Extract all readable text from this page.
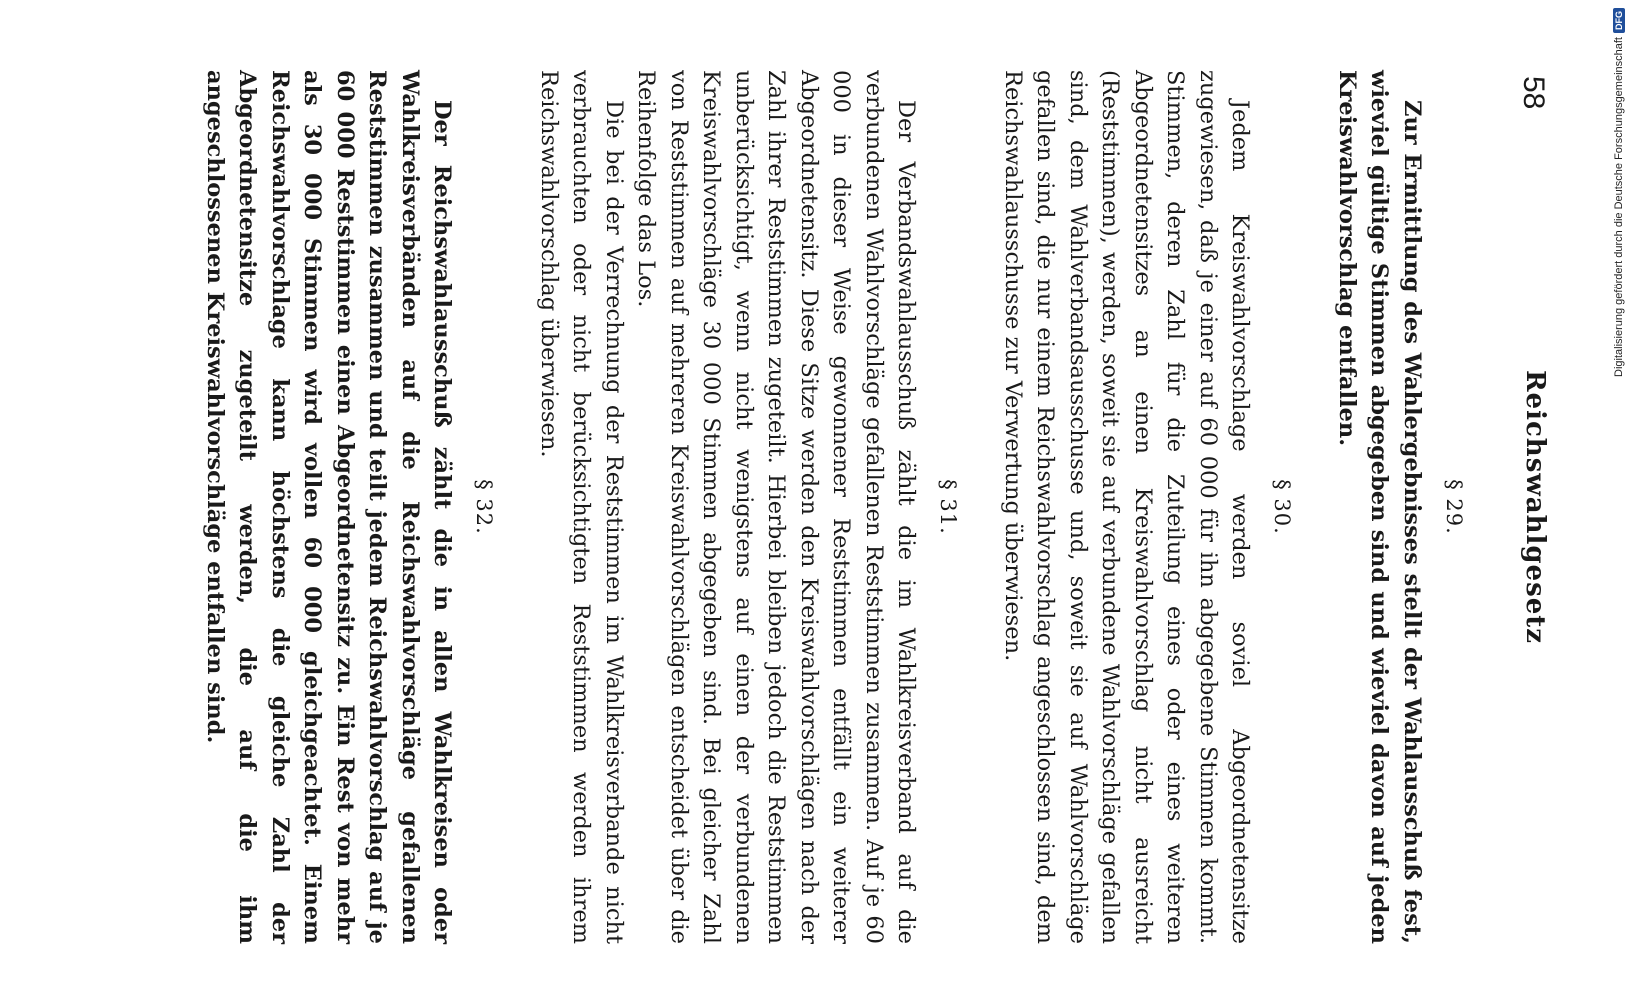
58
Reichswahlgesetz
§ 29.

Zur Ermittlung des Wahlergebnisses stellt der Wahlausschuß fest, wieviel gültige Stimmen abgegeben sind und wieviel davon auf jeden Kreiswahlvorschlag entfallen.

§ 30.

Jedem Kreiswahlvorschlage werden soviel Abgeordnetensitze zugewiesen, daß je einer auf 60 000 für ihn abgegebene Stimmen kommt. Stimmen, deren Zahl für die Zuteilung eines oder eines weiteren Abgeordnetensitzes an einen Kreiswahlvorschlag nicht ausreicht (Reststimmen), werden, soweit sie auf verbundene Wahlvorschläge gefallen sind, dem Wahlverbandsausschusse und, soweit sie auf Wahlvorschläge gefallen sind, die nur einem Reichswahlvorschlag angeschlossen sind, dem Reichswahlausschusse zur Verwertung überwiesen.

§ 31.

Der Verbandswahlausschuß zählt die im Wahlkreisverband auf die verbundenen Wahlvorschläge gefallenen Reststimmen zusammen. Auf je 60 000 in dieser Weise gewonnener Reststimmen entfällt ein weiterer Abgeordnetensitz. Diese Sitze werden den Kreiswahlvorschlägen nach der Zahl ihrer Reststimmen zugeteilt. Hierbei bleiben jedoch die Reststimmen unberücksichtigt, wenn nicht wenigstens auf einen der verbundenen Kreiswahlvorschläge 30 000 Stimmen abgegeben sind. Bei gleicher Zahl von Reststimmen auf mehreren Kreiswahlvorschlägen entscheidet über die Reihenfolge das Los.

Die bei der Verrechnung der Reststimmen im Wahlkreisverbande nicht verbrauchten oder nicht berücksichtigten Reststimmen werden ihrem Reichswahlvorschlag überwiesen.

§ 32.

Der Reichswahlausschuß zählt die in allen Wahlkreisen oder Wahlkreisverbänden auf die Reichswahlvorschläge gefallenen Reststimmen zusammen und teilt jedem Reichswahlvorschlag auf je 60 000 Reststimmen einen Abgeordnetensitz zu. Ein Rest von mehr als 30 000 Stimmen wird vollen 60 000 gleichgeachtet. Einem Reichswahlvorschlage kann höchstens die gleiche Zahl der Abgeordnetensitze zugeteilt werden, die auf die ihm angeschlossenen Kreiswahlvorschläge entfallen sind.	Digitalisierung gefördert durch die Deutsche Forschungsgemeinschaft
DFG
